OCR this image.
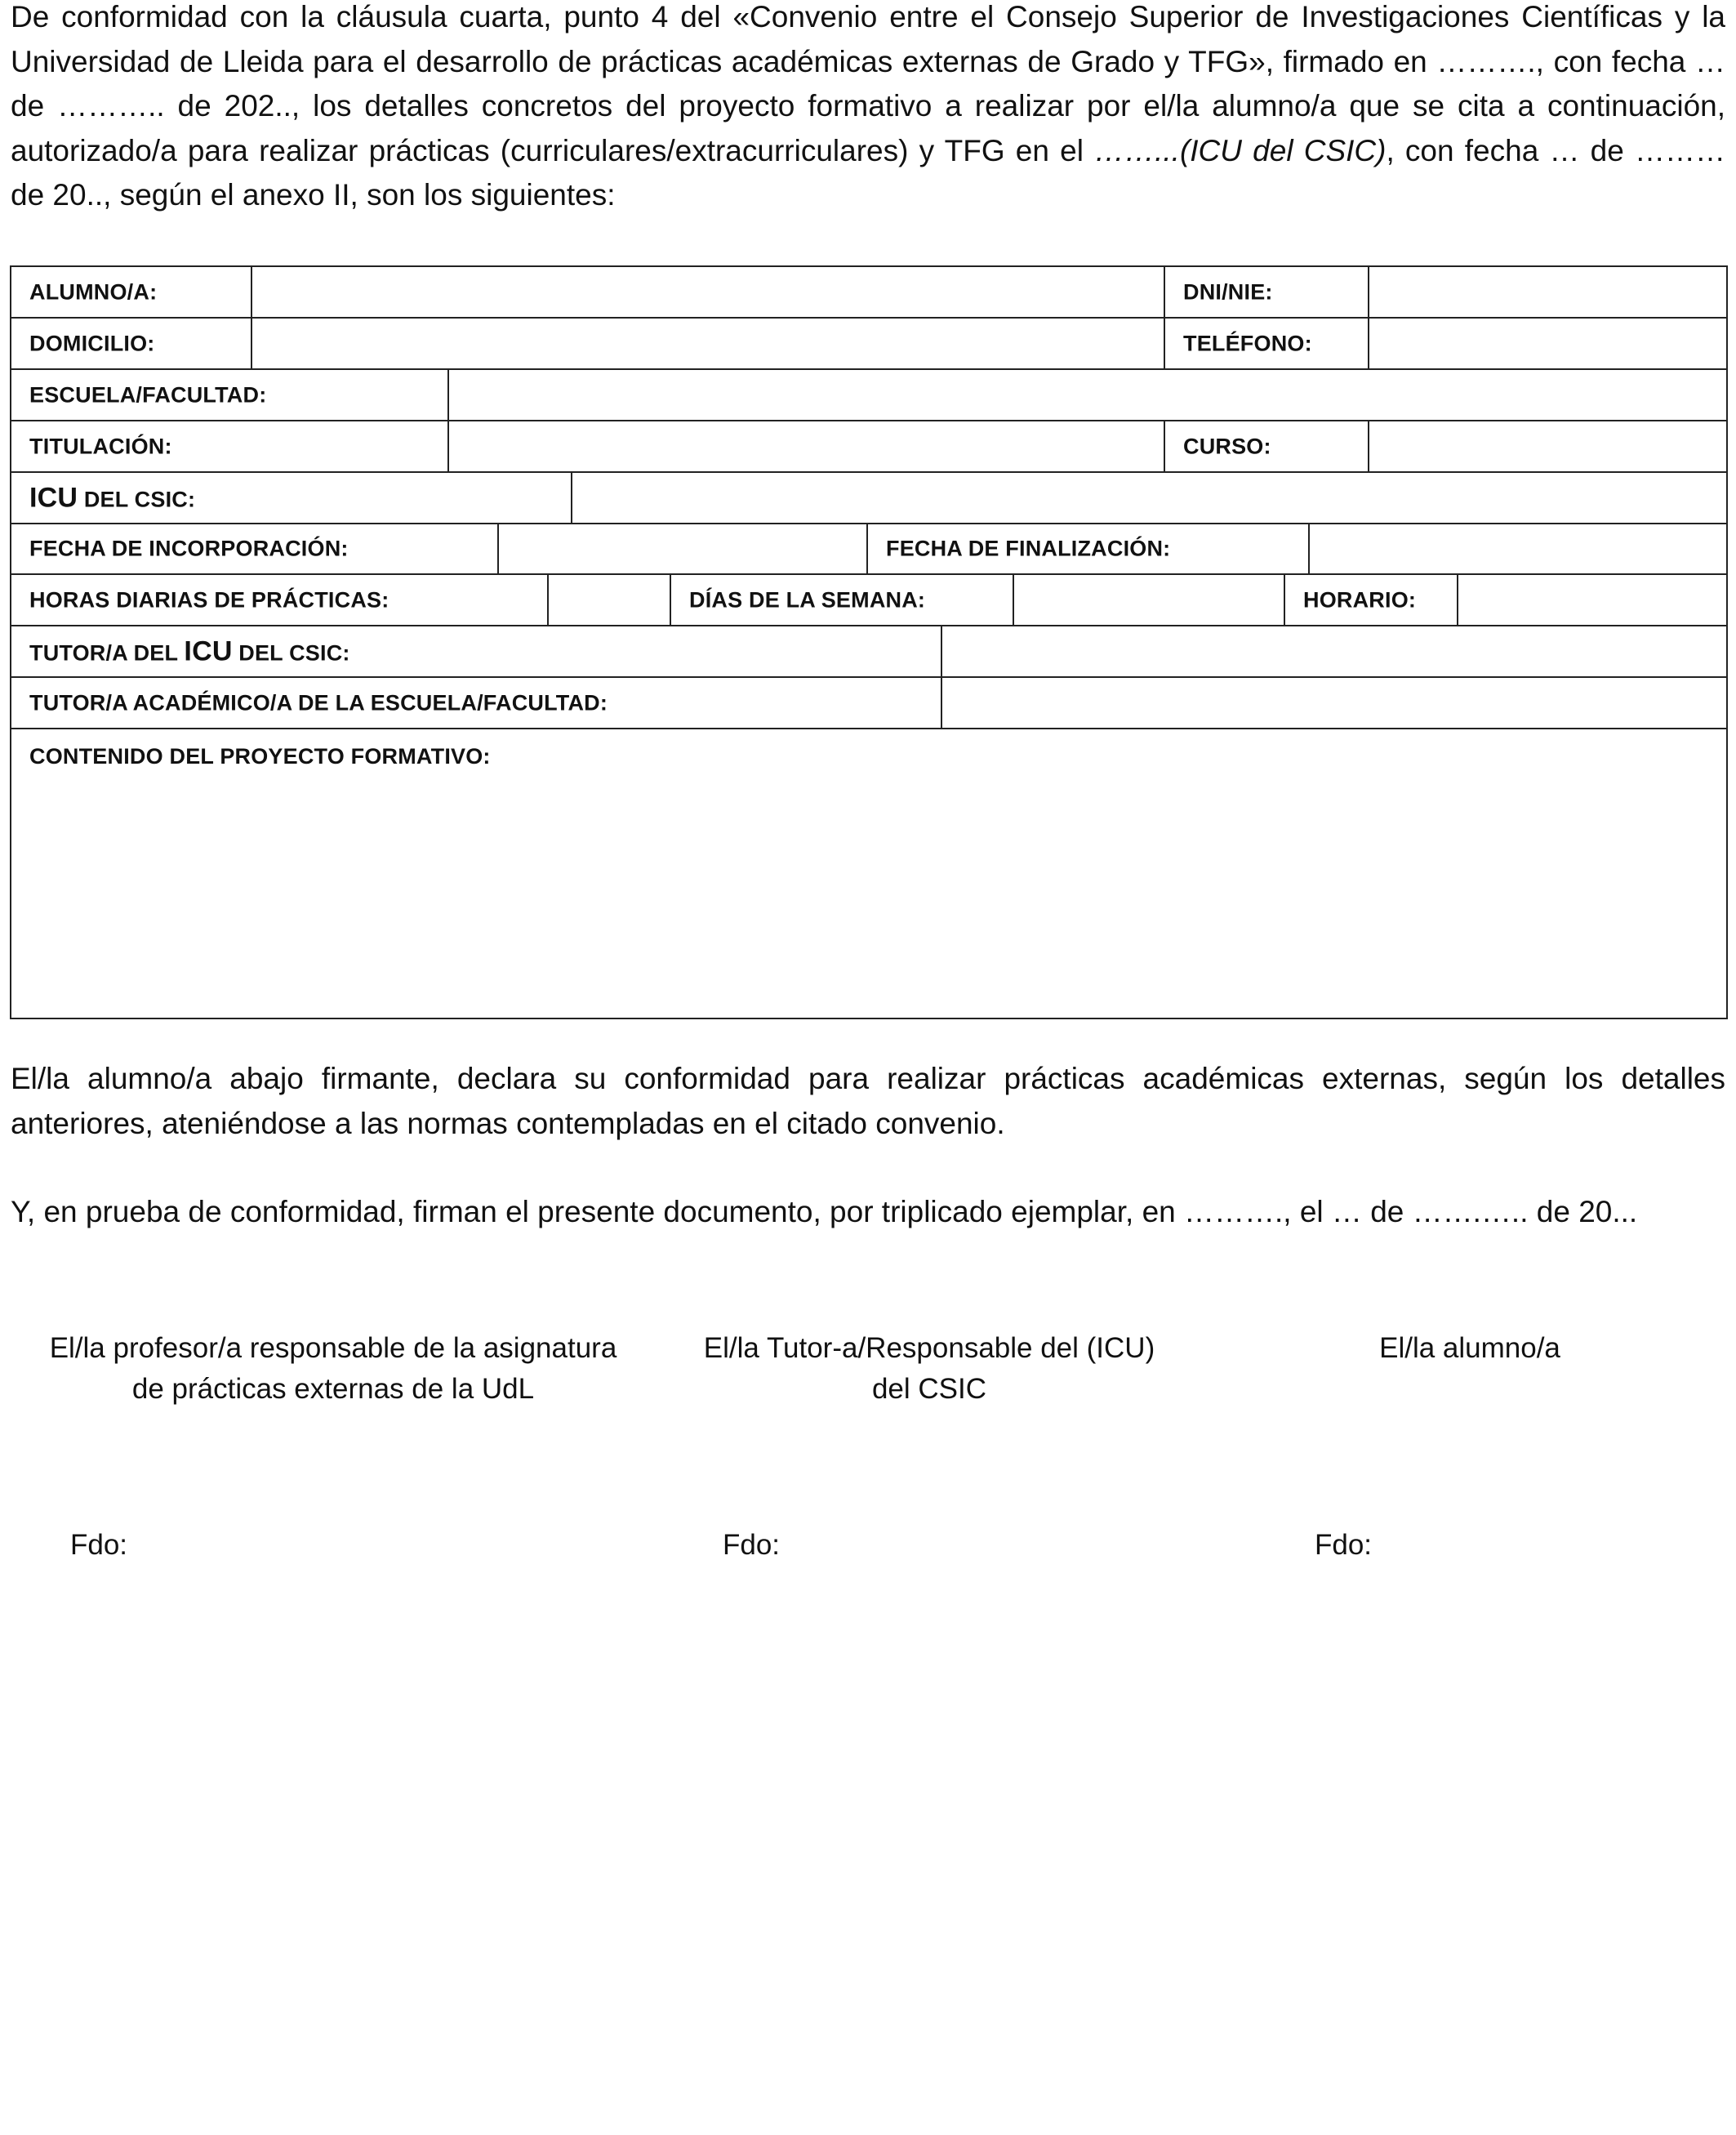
De conformidad con la cláusula cuarta, punto 4 del «Convenio entre el Consejo Superior de Investigaciones Científicas y la Universidad de Lleida para el desarrollo de prácticas académicas externas de Grado y TFG», firmado en ………., con fecha … de ……….. de 202.., los detalles concretos del proyecto formativo a realizar por el/la alumno/a que se cita a continuación, autorizado/a para realizar prácticas (curriculares/extracurriculares) y TFG en el ……...(ICU del CSIC), con fecha … de ……… de 20.., según el anexo II, son los siguientes:

ALUMNO/A:	DNI/NIE:
DOMICILIO:	TELÉFONO:
ESCUELA/FACULTAD:
TITULACIÓN:	CURSO:
ICU DEL CSIC:
FECHA DE INCORPORACIÓN:	FECHA DE FINALIZACIÓN:
HORAS DIARIAS DE PRÁCTICAS:	DÍAS DE LA SEMANA:	HORARIO:
TUTOR/A DEL ICU DEL CSIC:
TUTOR/A ACADÉMICO/A DE LA ESCUELA/FACULTAD:
CONTENIDO DEL PROYECTO FORMATIVO:

El/la alumno/a abajo firmante, declara su conformidad para realizar prácticas académicas externas, según los detalles anteriores, ateniéndose a las normas contempladas en el citado convenio.

Y, en prueba de conformidad, firman el presente documento, por triplicado ejemplar, en ………., el … de …….….. de 20...

El/la profesor/a responsable de la asignatura
de prácticas externas de la UdL
El/la Tutor-a/Responsable del (ICU)
del CSIC
El/la alumno/a
Fdo:	Fdo:	Fdo:
